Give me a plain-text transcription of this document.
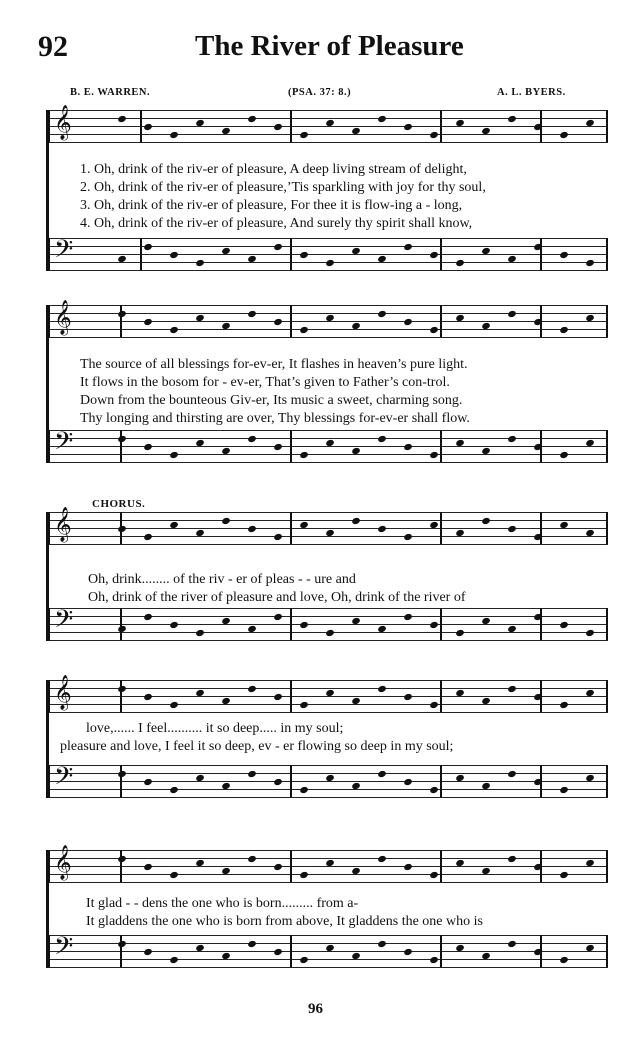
92	The River of Pleasure
B. E. WARREN.	(PSA. 37: 8.)	A. L. BYERS.
𝄞
𝄢
𝄞
𝄢
𝄞
𝄢
𝄞
𝄢
𝄞
𝄢
1. Oh, drink of the riv-er of pleasure, A deep living stream of delight,
2. Oh, drink of the riv-er of pleasure,’Tis sparkling with joy for thy soul,
3. Oh, drink of the riv-er of pleasure, For thee it is flow-ing a - long,
4. Oh, drink of the riv-er of pleasure, And surely thy spirit shall know,
The source of all blessings for-ev-er, It flashes in heaven’s pure light.
It flows in the bosom for - ev-er, That’s given to Father’s con-trol.
Down from the bounteous Giv-er, Its music a sweet, charming song.
Thy longing and thirsting are over, Thy blessings for-ev-er shall flow.
CHORUS.
Oh, drink........ of the riv - er of pleas - - ure and
Oh, drink of the river of pleasure and love, Oh, drink of the river of
love,...... I feel.......... it so deep..... in my soul;
pleasure and love, I feel it so deep, ev - er flowing so deep in my soul;
It glad - - dens the one who is born......... from a-
It gladdens the one who is born from above, It gladdens the one who is
96
